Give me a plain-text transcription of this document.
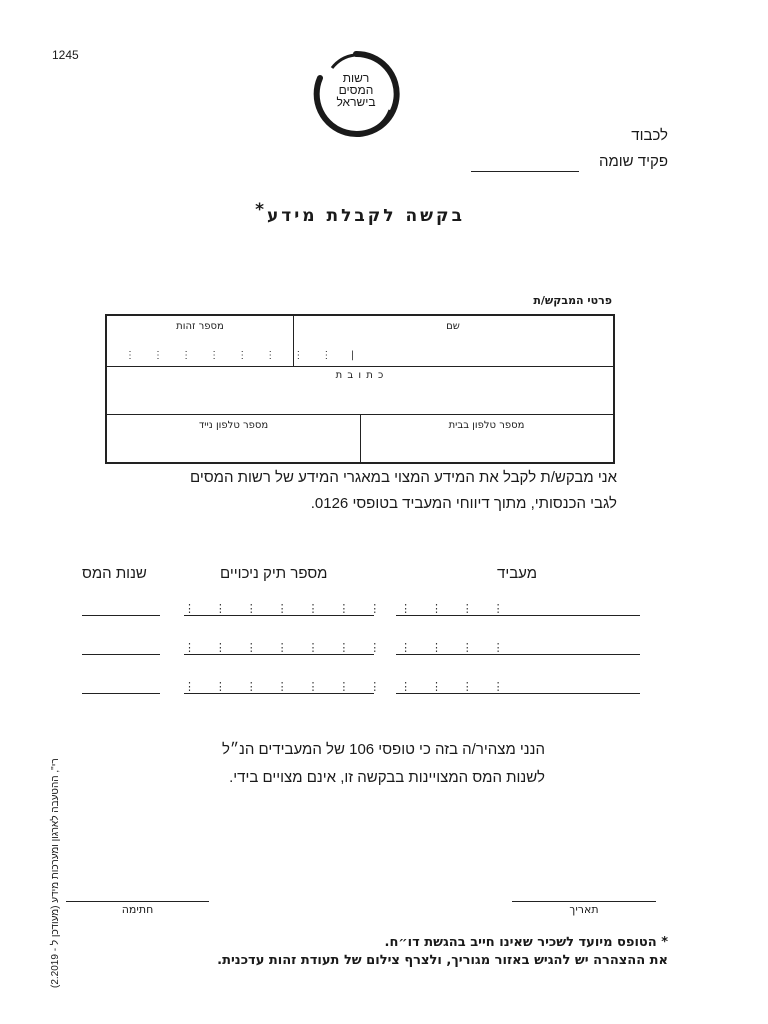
1245
רשות
המסים
בישראל
לכבוד
פקיד שומה
בקשה לקבלת מידע*
פרטי המבקש/ת
שם
מספר זהות
⋮   ⋮   ⋮   ⋮   ⋮   ⋮   ⋮   ⋮   |
כ ת ו ב ת
מספר טלפון בבית
מספר טלפון נייד
אני מבקש/ת לקבל את המידע המצוי במאגרי המידע של רשות המסים
לגבי הכנסותי, מתוך דיווחי המעביד בטופסי 0126.
מעביד
מספר תיק ניכויים
שנות המס
⋮   ⋮   ⋮   ⋮   ⋮   ⋮   ⋮   ⋮   ⋮   ⋮   ⋮
⋮   ⋮   ⋮   ⋮   ⋮   ⋮   ⋮   ⋮   ⋮   ⋮   ⋮
⋮   ⋮   ⋮   ⋮   ⋮   ⋮   ⋮   ⋮   ⋮   ⋮   ⋮
הנני מצהיר/ה בזה כי טופסי 106 של המעבידים הנ״ל
לשנות המס המצויינות בבקשה זו, אינם מצויים בידי.
תאריך
חתימה
* הטופס מיועד לשכיר שאינו חייב בהגשת דו״ח.
את ההצהרה יש להגיש באזור מגוריך, ולצרף צילום של תעודת זהות עדכנית.
(2.2019 - מעודכן ל) רי", ההטעבה לארגון ומערכות מידע
